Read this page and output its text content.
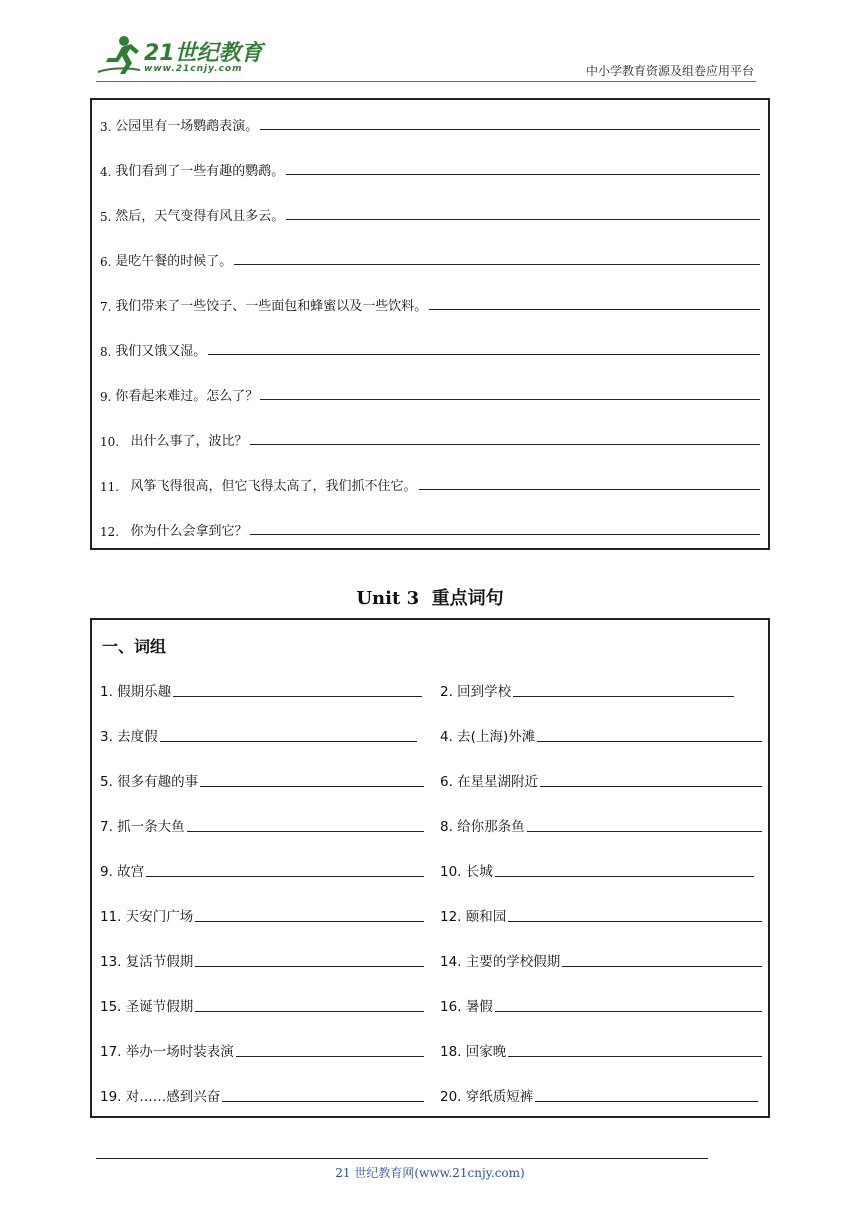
21世纪教育
www.21cnjy.com	中小学教育资源及组卷应用平台
3. 公园里有一场鹦鹉表演。
4. 我们看到了一些有趣的鹦鹉。
5. 然后，天气变得有风且多云。
6. 是吃午餐的时候了。
7. 我们带来了一些饺子、一些面包和蜂蜜以及一些饮料。
8. 我们又饿又湿。
9. 你看起来难过。怎么了？
10. 出什么事了，波比？
11. 风筝飞得很高，但它飞得太高了，我们抓不住它。
12. 你为什么会拿到它？
Unit 3 重点词句
一、词组
1. 假期乐趣	2. 回到学校
3. 去度假	4. 去(上海)外滩
5. 很多有趣的事	6. 在星星湖附近
7. 抓一条大鱼	8. 给你那条鱼
9. 故宫	10. 长城
11. 天安门广场	12. 颐和园
13. 复活节假期	14. 主要的学校假期
15. 圣诞节假期	16. 暑假
17. 举办一场时装表演	18. 回家晚
19. 对……感到兴奋	20. 穿纸质短裤
21 世纪教育网(www.21cnjy.com)
